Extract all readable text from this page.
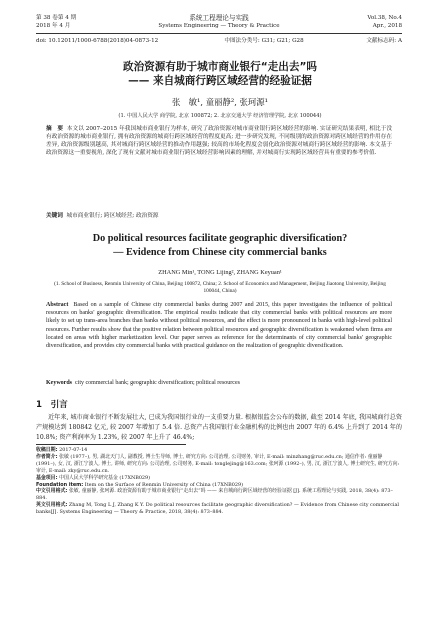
第 38 卷第 4 期	系统工程理论与实践	Vol.38, No.4
2018 年 4 月	Systems Engineering — Theory & Practice	Apr., 2018
doi: 10.12011/1000-6788(2018)04-0873-12	中图法分类号: G31; G21; G28	文献标志码: A
政治资源有助于城市商业银行“走出去”吗
—— 来自城商行跨区域经营的经验证据
张　敏¹, 童丽静², 张珂源¹
(1. 中国人民大学 商学院, 北京 100872; 2. 北京交通大学 经济管理学院, 北京 100044)
摘　要 本文以 2007–2015 年我国城市商业银行为样本, 研究了政治资源对城市商业银行跨区域经营的影响. 实证研究结果表明, 相比于没有政治资源的城市商业银行, 拥有政治资源的城商行跨区域经营的程度更高; 进一步研究发现, 不同级别的政治资源对跨区域经营的作用存在差异, 政治资源级别越高, 其对城商行跨区域经营的推动作用越强; 较高的市场化程度会弱化政治资源对城商行跨区域经营的影响. 本文基于政治资源这一重要视角, 深化了现有文献对城市商业银行跨区域经营影响因素的理解, 并对城商行实现跨区域经营具有重要的参考价值.
关键词 城市商业银行; 跨区域经营; 政治资源
Do political resources facilitate geographic diversification?
— Evidence from Chinese city commercial banks
ZHANG Min¹, TONG Lijing², ZHANG Keyuan¹
(1. School of Business, Renmin University of China, Beijing 100872, China; 2. School of Economics and Management, Beijing Jiaotong University, Beijing 100044, China)
Abstract Based on a sample of Chinese city commercial banks during 2007 and 2015, this paper investigates the influence of political resources on banks' geographic diversification. The empirical results indicate that city commercial banks with political resources are more likely to set up trans-area branches than banks without political resources, and the effect is more pronounced in banks with high-level political resources. Further results show that the positive relation between political resources and geographic diversification is weakened when firms are located on areas with higher marketization level. Our paper serves as reference for the determinants of city commercial banks' geographic diversification, and provides city commercial banks with practical guidance on the realization of geographic diversification.
Keywords city commercial bank; geographic diversification; political resources
1　引言
近年来, 城市商业银行不断发展壮大, 已成为我国银行业的一支重要力量. 根据银监会公布的数据, 截至 2014 年底, 我国城商行总资产规模达到 180842 亿元, 较 2007 年增加了 5.4 倍. 总资产占我国银行业金融机构的比例也由 2007 年的 6.4% 上升到了 2014 年的 10.8%; 资产利润率为 1.23%, 较 2007 年上升了 46.4%;
收稿日期: 2017-07-14
作者简介: 张敏 (1977–), 男, 湖北天门人, 副教授, 博士生导师, 博士, 研究方向: 公司治理, 公司财务, 审计, E-mail: minzhang@ruc.edu.cn; 通信作者: 童丽静 (1991–), 女, 汉, 浙江宁波人, 博士, 讲师, 研究方向: 公司治理, 公司财务, E-mail: tonglejing@163.com; 张珂源 (1992–), 男, 汉, 浙江宁波人, 博士研究生, 研究方向: 审计, E-mail: zky@ruc.edu.cn.
基金项目: 中国人民大学科学研究基金 (17XNB029)
Foundation item: Item on the Surface of Renmin University of China (17XNB029)
中文引用格式: 张敏, 童丽静, 张珂源. 政治资源有助于城市商业银行“走出去”吗 —— 来自城商行跨区域经营的经验证据 [J]. 系统工程理论与实践, 2018, 38(4): 873–884.
英文引用格式: Zhang M, Tong L J, Zhang K Y. Do political resources facilitate geographic diversification? — Evidence from Chinese city commercial banks[J]. Systems Engineering — Theory & Practice, 2018, 38(4): 873–884.
